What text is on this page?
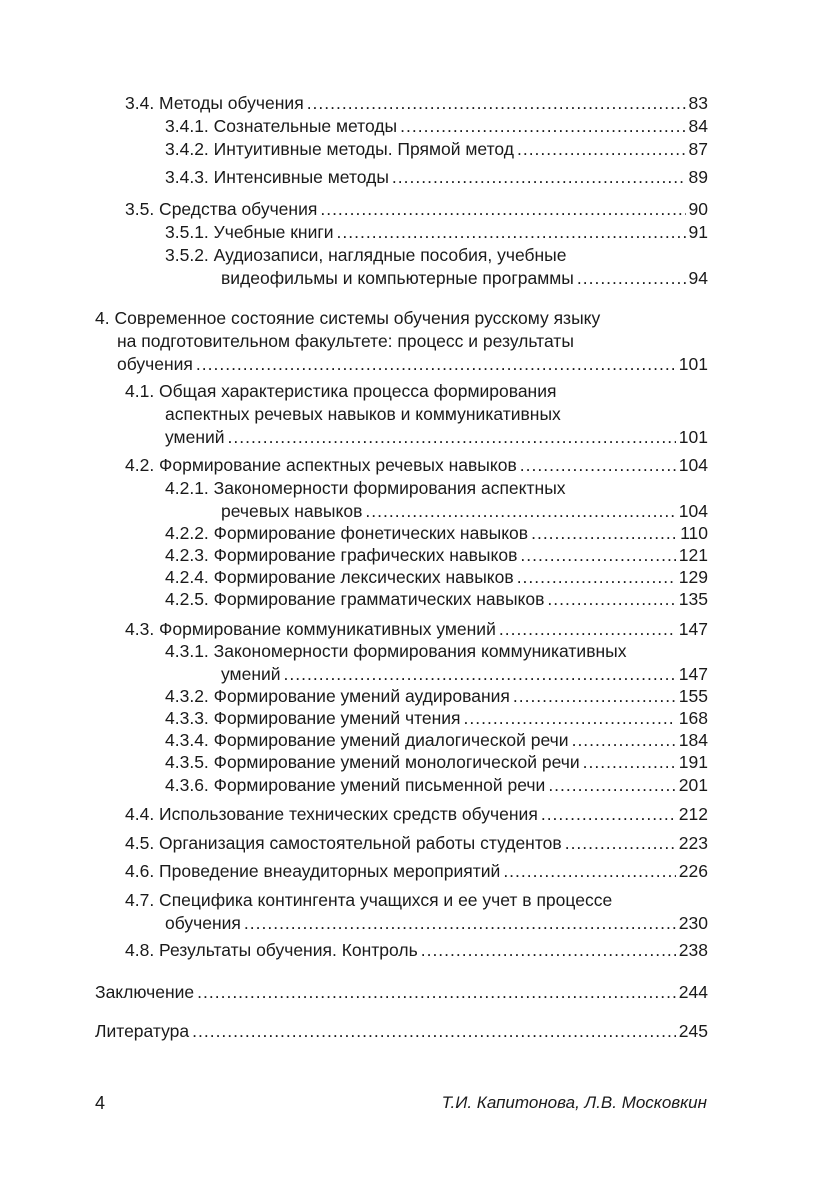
3.4. Методы обучения .....	83
3.4.1. Сознательные методы .....	84
3.4.2. Интуитивные методы. Прямой метод .....	87
3.4.3. Интенсивные методы .....	89
3.5. Средства обучения .....	90
3.5.1. Учебные книги .....	91
3.5.2. Аудиозаписи, наглядные пособия, учебные
видеофильмы и компьютерные программы .....	94
4. Современное состояние системы обучения русскому языку
на подготовительном факультете: процесс и результаты
обучения .....	101
4.1. Общая характеристика процесса формирования
аспектных речевых навыков и коммуникативных
умений .....	101
4.2. Формирование аспектных речевых навыков .....	104
4.2.1. Закономерности формирования аспектных
речевых навыков .....	104
4.2.2. Формирование фонетических навыков .....	110
4.2.3. Формирование графических навыков .....	121
4.2.4. Формирование лексических навыков .....	129
4.2.5. Формирование грамматических навыков .....	135
4.3. Формирование коммуникативных умений .....	147
4.3.1. Закономерности формирования коммуникативных
умений .....	147
4.3.2. Формирование умений аудирования .....	155
4.3.3. Формирование умений чтения .....	168
4.3.4. Формирование умений диалогической речи .....	184
4.3.5. Формирование умений монологической речи .....	191
4.3.6. Формирование умений письменной речи .....	201
4.4. Использование технических средств обучения .....	212
4.5. Организация самостоятельной работы студентов .....	223
4.6. Проведение внеаудиторных мероприятий .....	226
4.7. Специфика контингента учащихся и ее учет в процессе
обучения .....	230
4.8. Результаты обучения. Контроль .....	238
Заключение .....	244
Литература .....	245
4	Т.И. Капитонова, Л.В. Московкин
